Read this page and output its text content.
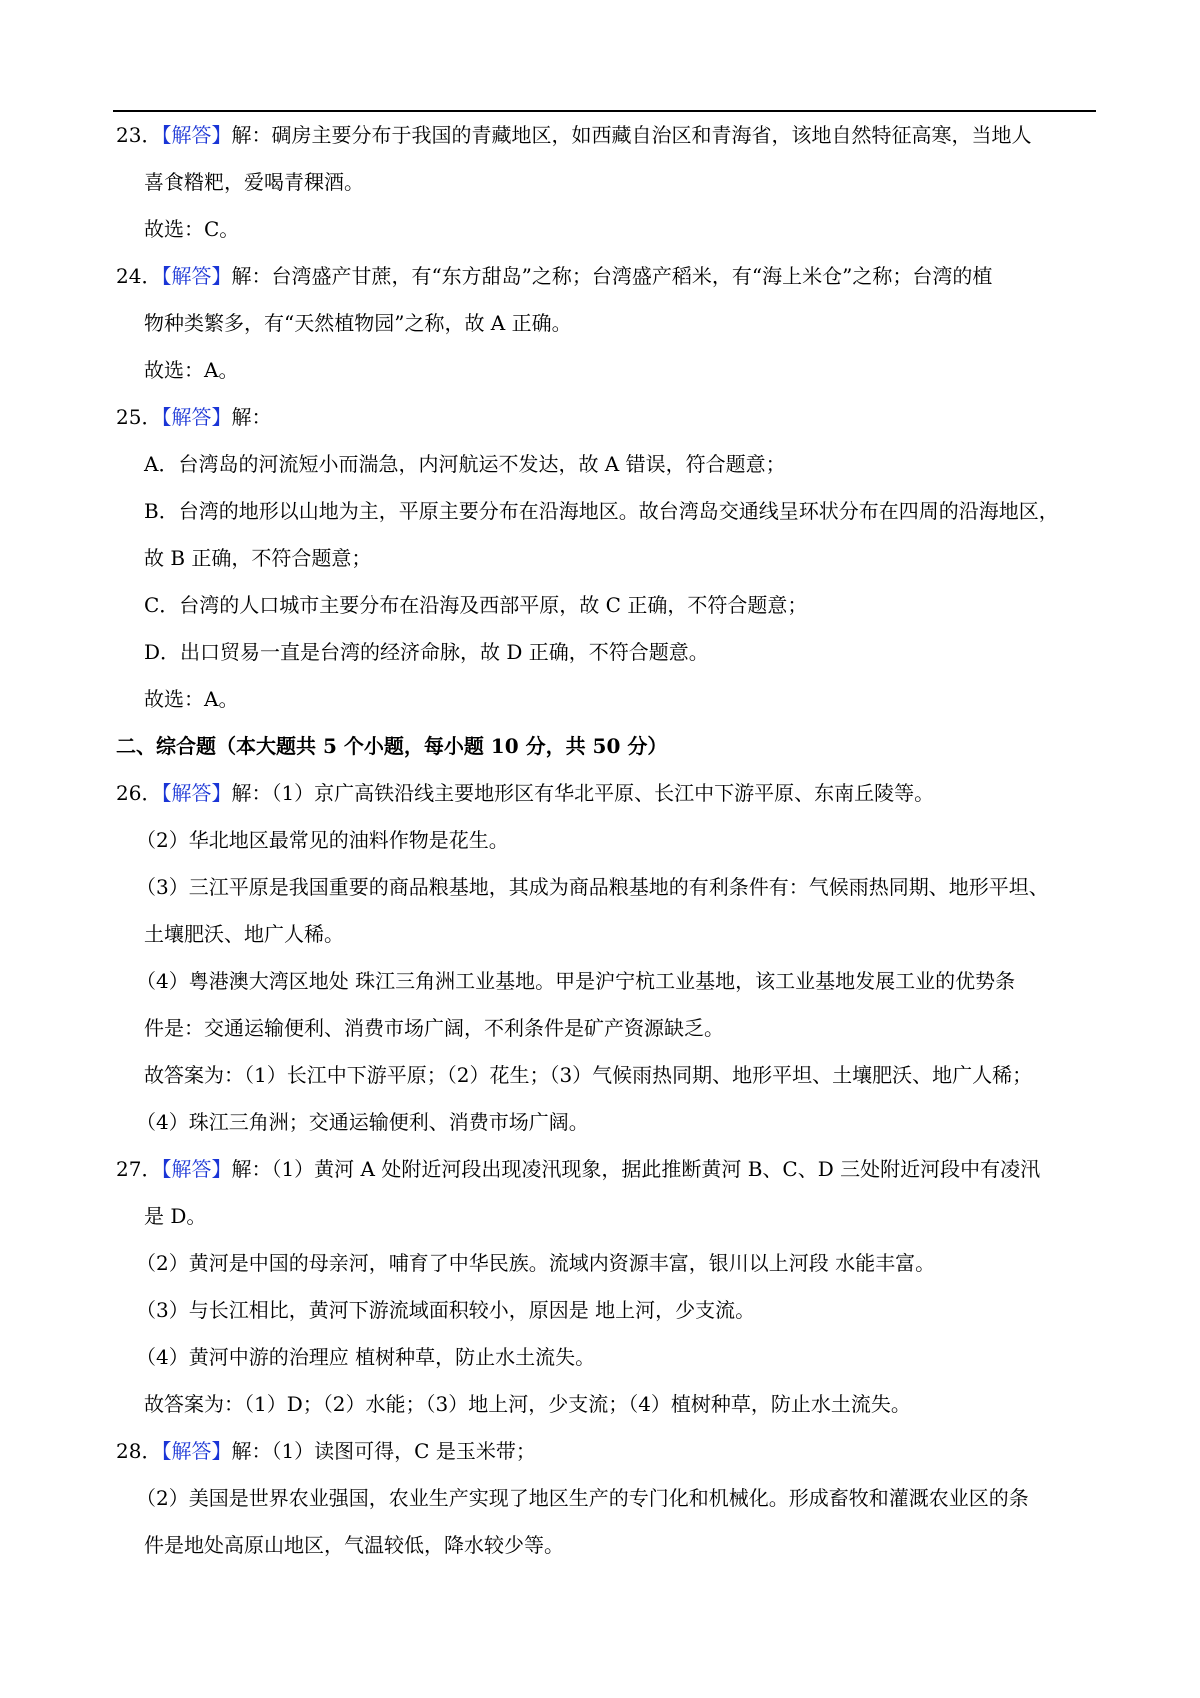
23．【解答】解：碉房主要分布于我国的青藏地区，如西藏自治区和青海省，该地自然特征高寒，当地人
喜食糌粑，爱喝青稞酒。
故选：C。
24．【解答】解：台湾盛产甘蔗，有“东方甜岛”之称；台湾盛产稻米，有“海上米仓”之称；台湾的植
物种类繁多，有“天然植物园”之称，故 A 正确。
故选：A。
25．【解答】解：
A．台湾岛的河流短小而湍急，内河航运不发达，故 A 错误，符合题意；
B．台湾的地形以山地为主，平原主要分布在沿海地区。故台湾岛交通线呈环状分布在四周的沿海地区，
故 B 正确，不符合题意；
C．台湾的人口城市主要分布在沿海及西部平原，故 C 正确，不符合题意；
D．出口贸易一直是台湾的经济命脉，故 D 正确，不符合题意。
故选：A。
二、综合题（本大题共 5 个小题，每小题 10 分，共 50 分）
26．【解答】解：（1）京广高铁沿线主要地形区有华北平原、长江中下游平原、东南丘陵等。
（2）华北地区最常见的油料作物是花生。
（3）三江平原是我国重要的商品粮基地，其成为商品粮基地的有利条件有：气候雨热同期、地形平坦、
土壤肥沃、地广人稀。
（4）粤港澳大湾区地处 珠江三角洲工业基地。甲是沪宁杭工业基地，该工业基地发展工业的优势条
件是：交通运输便利、消费市场广阔，不利条件是矿产资源缺乏。
故答案为：（1）长江中下游平原；（2）花生；（3）气候雨热同期、地形平坦、土壤肥沃、地广人稀；
（4）珠江三角洲；交通运输便利、消费市场广阔。
27．【解答】解：（1）黄河 A 处附近河段出现凌汛现象，据此推断黄河 B、C、D 三处附近河段中有凌汛
是 D。
（2）黄河是中国的母亲河，哺育了中华民族。流域内资源丰富，银川以上河段 水能丰富。
（3）与长江相比，黄河下游流域面积较小，原因是 地上河，少支流。
（4）黄河中游的治理应 植树种草，防止水土流失。
故答案为：（1）D；（2）水能；（3）地上河，少支流；（4）植树种草，防止水土流失。
28．【解答】解：（1）读图可得，C 是玉米带；
（2）美国是世界农业强国，农业生产实现了地区生产的专门化和机械化。形成畜牧和灌溉农业区的条
件是地处高原山地区，气温较低，降水较少等。
